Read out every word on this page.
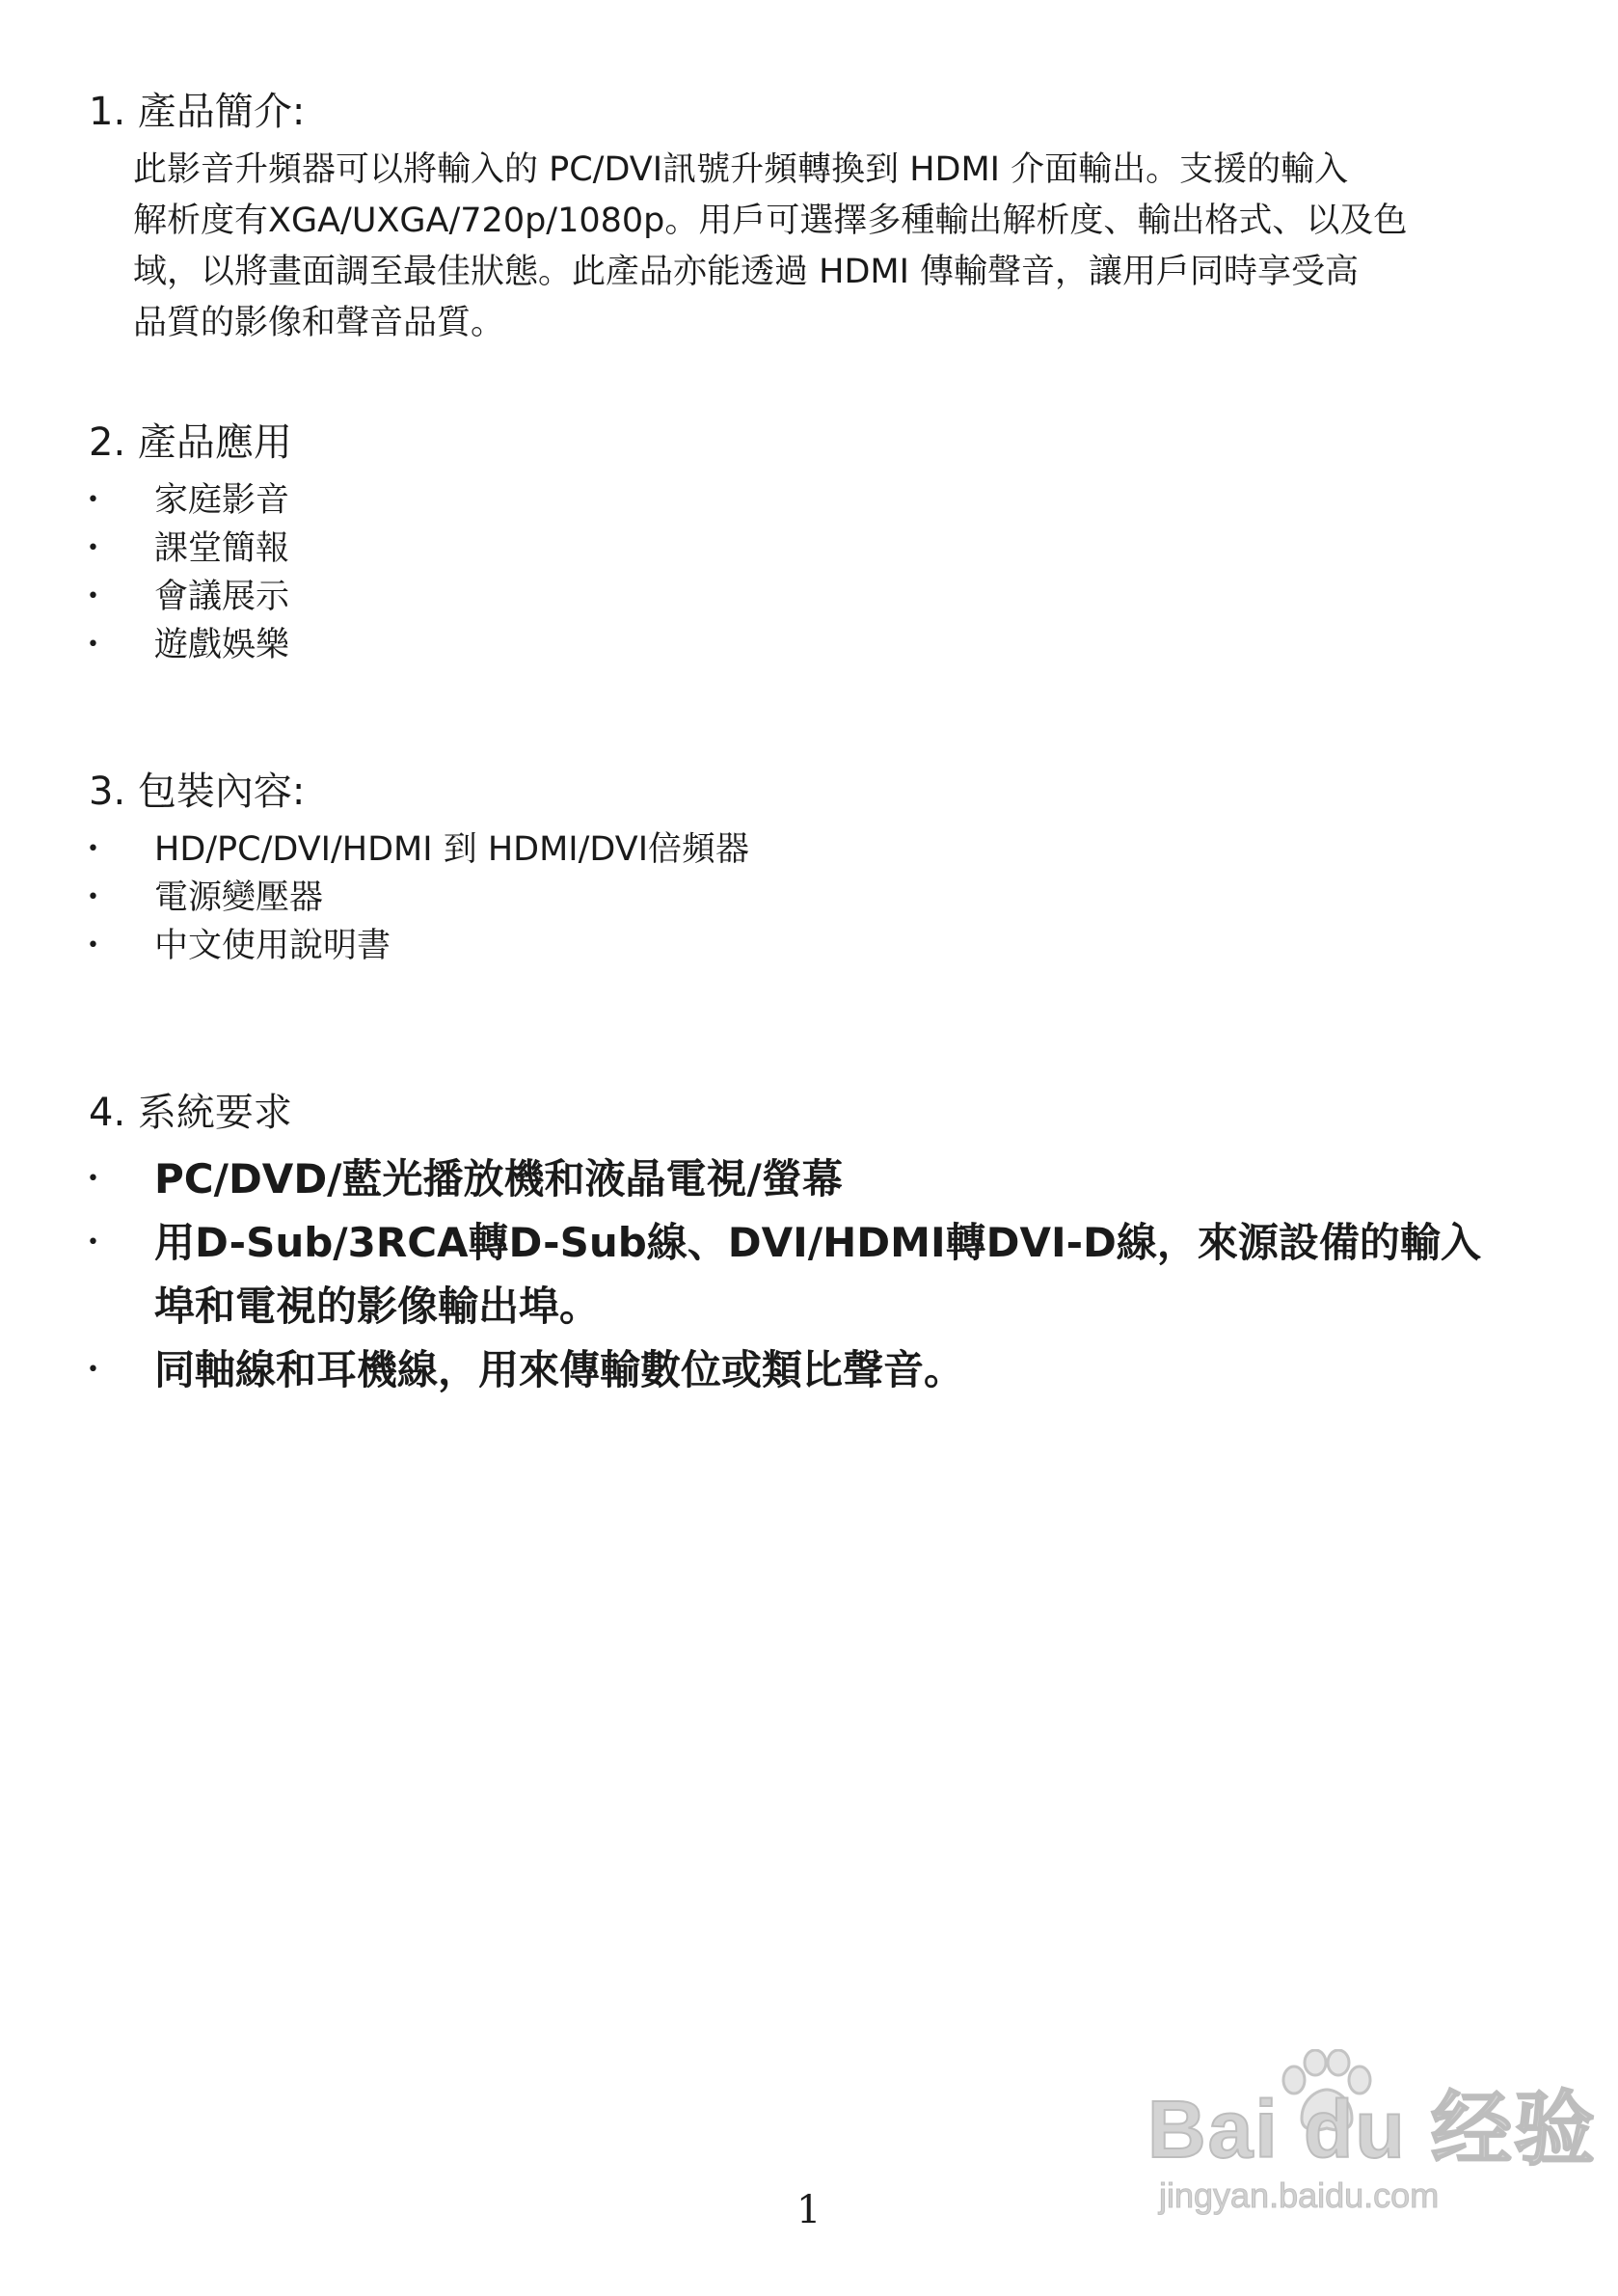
1. 產品簡介:
此影音升頻器可以將輸入的 PC/DVI訊號升頻轉換到 HDMI 介面輸出。支援的輸入
解析度有XGA/UXGA/720p/1080p。用戶可選擇多種輸出解析度、輸出格式、以及色
域，以將畫面調至最佳狀態。此產品亦能透過 HDMI 傳輸聲音，讓用戶同時享受高
品質的影像和聲音品質。
2. 產品應用
• 家庭影音
• 課堂簡報
• 會議展示
• 遊戲娛樂
3. 包裝內容:
• HD/PC/DVI/HDMI 到 HDMI/DVI倍頻器
• 電源變壓器
• 中文使用說明書
4. 系統要求
• PC/DVD/藍光播放機和液晶電視/螢幕
• 用D-Sub/3RCA轉D-Sub線、DVI/HDMI轉DVI-D線，來源設備的輸入
埠和電視的影像輸出埠。
• 同軸線和耳機線，用來傳輸數位或類比聲音。
Bai du 经验
jingyan.baidu.com
1
